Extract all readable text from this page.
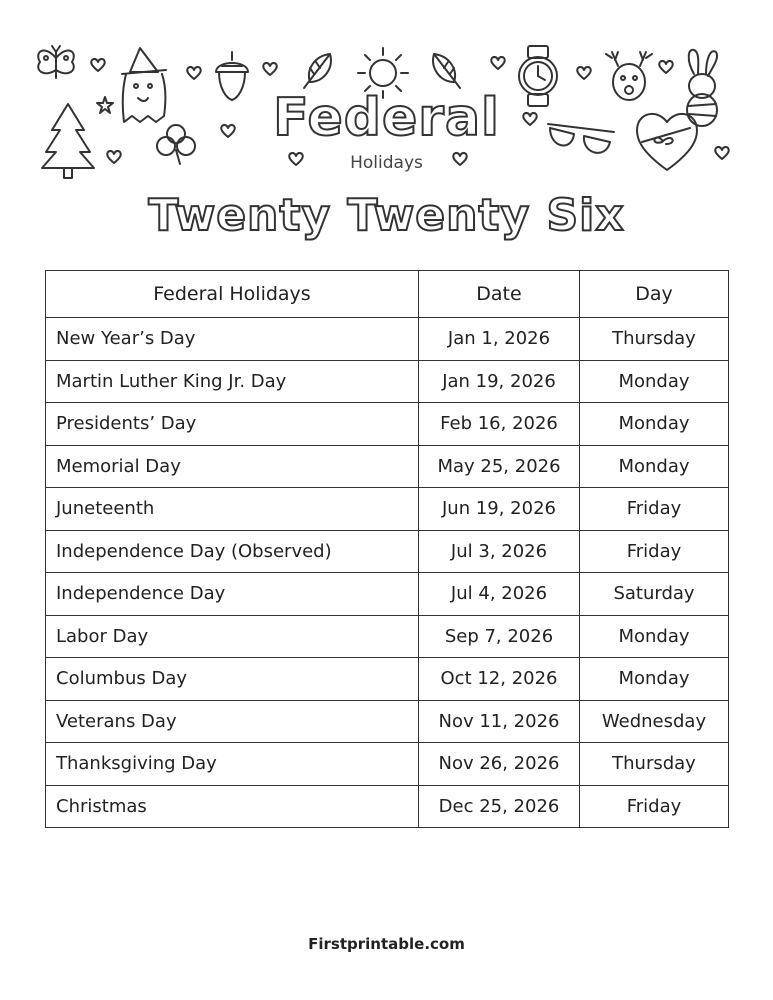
Federal
Holidays
Twenty Twenty Six
Federal Holidays	Date	Day
New Year’s Day	Jan 1, 2026	Thursday
Martin Luther King Jr. Day	Jan 19, 2026	Monday
Presidents’ Day	Feb 16, 2026	Monday
Memorial Day	May 25, 2026	Monday
Juneteenth	Jun 19, 2026	Friday
Independence Day (Observed)	Jul 3, 2026	Friday
Independence Day	Jul 4, 2026	Saturday
Labor Day	Sep 7, 2026	Monday
Columbus Day	Oct 12, 2026	Monday
Veterans Day	Nov 11, 2026	Wednesday
Thanksgiving Day	Nov 26, 2026	Thursday
Christmas	Dec 25, 2026	Friday
Firstprintable.com
